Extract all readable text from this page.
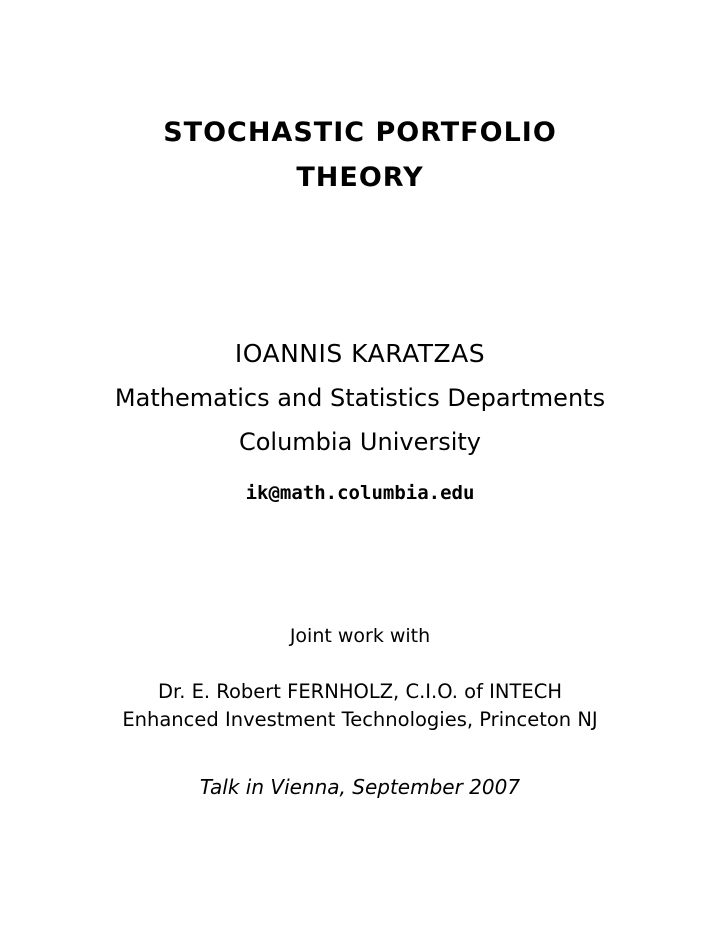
STOCHASTIC PORTFOLIO
THEORY
IOANNIS KARATZAS
Mathematics and Statistics Departments
Columbia University
ik@math.columbia.edu
Joint work with
Dr. E. Robert FERNHOLZ, C.I.O. of INTECH
Enhanced Investment Technologies, Princeton NJ
Talk in Vienna, September 2007
